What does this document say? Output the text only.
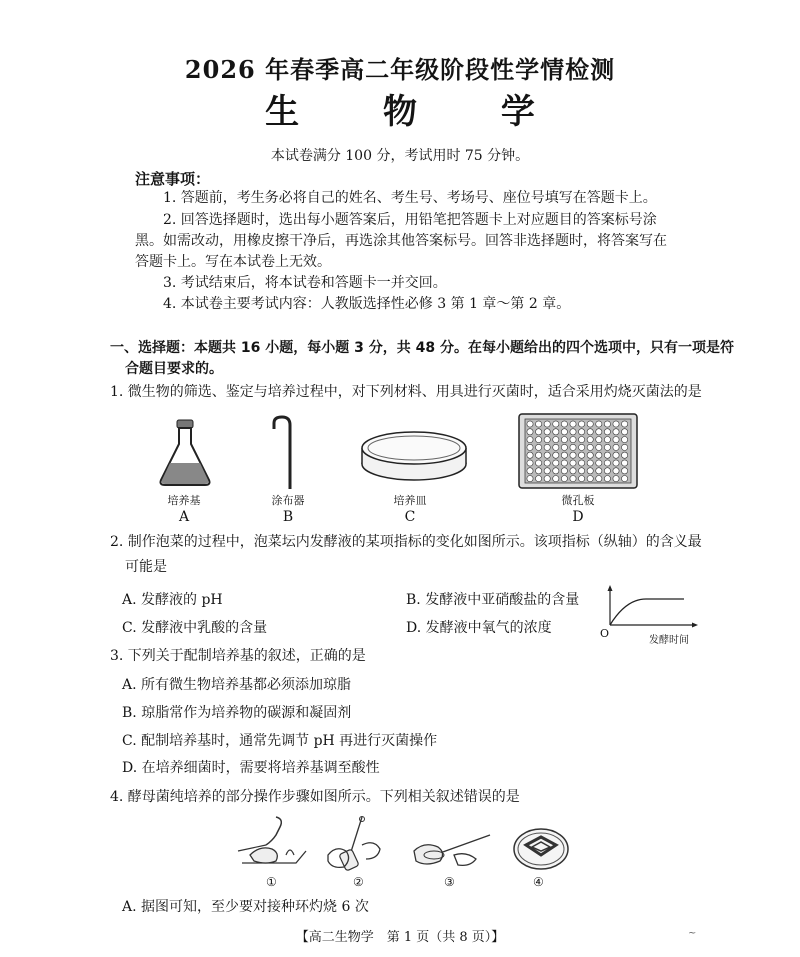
2026 年春季高二年级阶段性学情检测
生 物 学
本试卷满分 100 分，考试用时 75 分钟。
注意事项：
1. 答题前，考生务必将自己的姓名、考生号、考场号、座位号填写在答题卡上。
2. 回答选择题时，选出每小题答案后，用铅笔把答题卡上对应题目的答案标号涂
黑。如需改动，用橡皮擦干净后，再选涂其他答案标号。回答非选择题时，将答案写在
答题卡上。写在本试卷上无效。
3. 考试结束后，将本试卷和答题卡一并交回。
4. 本试卷主要考试内容：人教版选择性必修 3 第 1 章～第 2 章。
一、选择题：本题共 16 小题，每小题 3 分，共 48 分。在每小题给出的四个选项中，只有一项是符
合题目要求的。
1. 微生物的筛选、鉴定与培养过程中，对下列材料、用具进行灭菌时，适合采用灼烧灭菌法的是
培养基
A
涂布器
B
培养皿
C
微孔板
D
2. 制作泡菜的过程中，泡菜坛内发酵液的某项指标的变化如图所示。该项指标（纵轴）的含义最
可能是
A. 发酵液的 pH	B. 发酵液中亚硝酸盐的含量
C. 发酵液中乳酸的含量	D. 发酵液中氧气的浓度	O
发酵时间
3. 下列关于配制培养基的叙述，正确的是
A. 所有微生物培养基都必须添加琼脂
B. 琼脂常作为培养物的碳源和凝固剂
C. 配制培养基时，通常先调节 pH 再进行灭菌操作
D. 在培养细菌时，需要将培养基调至酸性
4. 酵母菌纯培养的部分操作步骤如图所示。下列相关叙述错误的是
①	②	③	④
A. 据图可知，至少要对接种环灼烧 6 次
【高二生物学　第 1 页（共 8 页）】	~
